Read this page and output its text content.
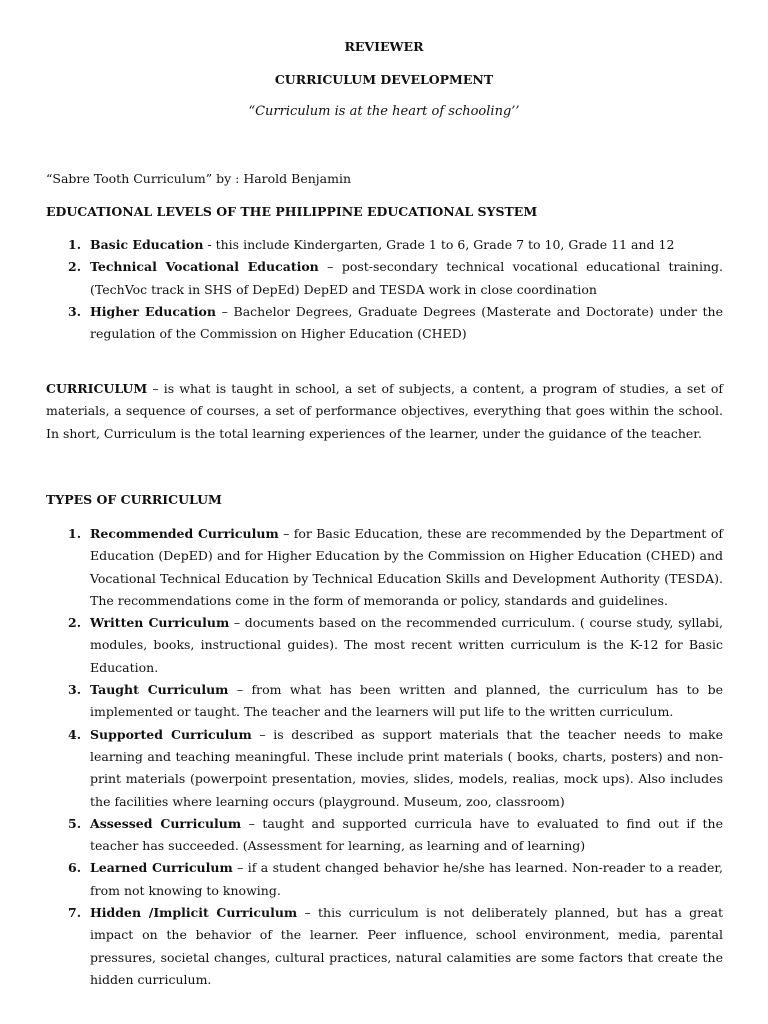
REVIEWER
CURRICULUM DEVELOPMENT
“Curriculum is at the heart of schooling’’
“Sabre Tooth Curriculum” by : Harold Benjamin
EDUCATIONAL LEVELS OF THE PHILIPPINE EDUCATIONAL SYSTEM
1. Basic Education - this include Kindergarten, Grade 1 to 6, Grade 7 to 10, Grade 11 and 12
2. Technical Vocational Education – post-secondary technical vocational educational training. (TechVoc track in SHS of DepEd) DepED and TESDA work in close coordination
3. Higher Education – Bachelor Degrees, Graduate Degrees (Masterate and Doctorate) under the regulation of the Commission on Higher Education (CHED)
CURRICULUM – is what is taught in school, a set of subjects, a content, a program of studies, a set of materials, a sequence of courses, a set of performance objectives, everything that goes within the school. In short, Curriculum is the total learning experiences of the learner, under the guidance of the teacher.
TYPES OF CURRICULUM
1. Recommended Curriculum – for Basic Education, these are recommended by the Department of Education (DepED) and for Higher Education by the Commission on Higher Education (CHED) and Vocational Technical Education by Technical Education Skills and Development Authority (TESDA). The recommendations come in the form of memoranda or policy, standards and guidelines.
2. Written Curriculum – documents based on the recommended curriculum. ( course study, syllabi, modules, books, instructional guides). The most recent written curriculum is the K-12 for Basic Education.
3. Taught Curriculum – from what has been written and planned, the curriculum has to be implemented or taught. The teacher and the learners will put life to the written curriculum.
4. Supported Curriculum – is described as support materials that the teacher needs to make learning and teaching meaningful. These include print materials ( books, charts, posters) and non-print materials (powerpoint presentation, movies, slides, models, realias, mock ups). Also includes the facilities where learning occurs (playground. Museum, zoo, classroom)
5. Assessed Curriculum – taught and supported curricula have to evaluated to find out if the teacher has succeeded. (Assessment for learning, as learning and of learning)
6. Learned Curriculum – if a student changed behavior he/she has learned. Non-reader to a reader, from not knowing to knowing.
7. Hidden /Implicit Curriculum – this curriculum is not deliberately planned, but has a great impact on the behavior of the learner. Peer influence, school environment, media, parental pressures, societal changes, cultural practices, natural calamities are some factors that create the hidden curriculum.
